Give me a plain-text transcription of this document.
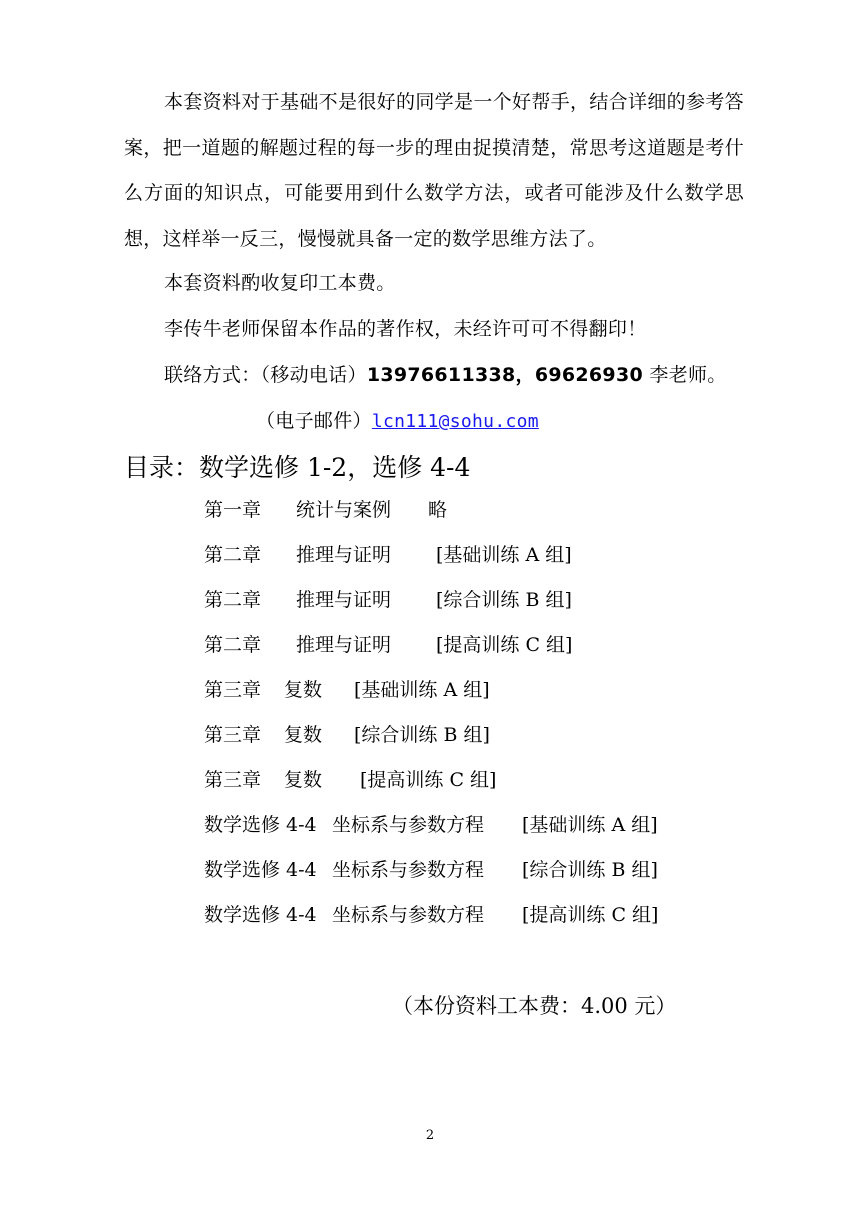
本套资料对于基础不是很好的同学是一个好帮手，结合详细的参考答案，把一道题的解题过程的每一步的理由捉摸清楚，常思考这道题是考什么方面的知识点，可能要用到什么数学方法，或者可能涉及什么数学思想，这样举一反三，慢慢就具备一定的数学思维方法了。
本套资料酌收复印工本费。
李传牛老师保留本作品的著作权，未经许可可不得翻印！
联络方式：（移动电话）13976611338，69626930 李老师。
（电子邮件）lcn111@sohu.com
目录：数学选修 1-2，选修 4-4
第一章 统计与案例 略
第二章 推理与证明 [基础训练 A 组]
第二章 推理与证明 [综合训练 B 组]
第二章 推理与证明 [提高训练 C 组]
第三章 复数 [基础训练 A 组]
第三章 复数 [综合训练 B 组]
第三章 复数 [提高训练 C 组]
数学选修 4-4 坐标系与参数方程 [基础训练 A 组]
数学选修 4-4 坐标系与参数方程 [综合训练 B 组]
数学选修 4-4 坐标系与参数方程 [提高训练 C 组]
（本份资料工本费：4.00 元）
2
